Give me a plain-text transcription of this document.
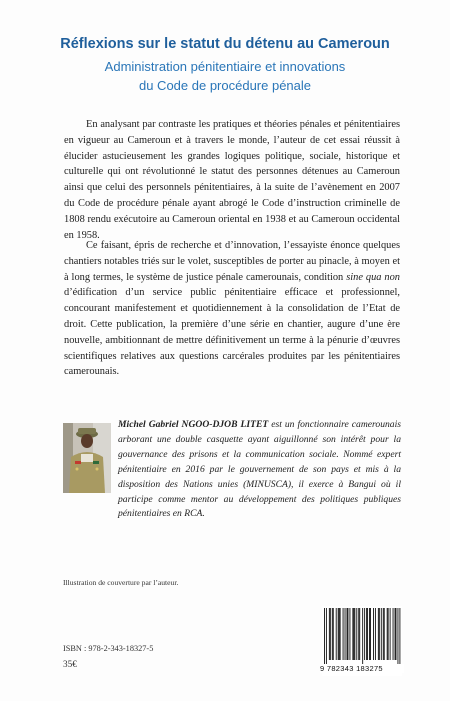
Réflexions sur le statut du détenu au Cameroun
Administration pénitentiaire et innovations
du Code de procédure pénale

En analysant par contraste les pratiques et théories pénales et pénitentiaires en vigueur au Cameroun et à travers le monde, l’auteur de cet essai réussit à élucider astucieusement les grandes logiques politique, sociale, historique et culturelle qui ont révolutionné le statut des personnes détenues au Cameroun ainsi que celui des personnels pénitentiaires, à la suite de l’avènement en 2007 du Code de procédure pénale ayant abrogé le Code d’instruction criminelle de 1808 rendu exécutoire au Cameroun oriental en 1938 et au Cameroun occidental en 1958.

Ce faisant, épris de recherche et d’innovation, l’essayiste énonce quelques chantiers notables triés sur le volet, susceptibles de porter au pinacle, à moyen et à long termes, le système de justice pénale camerounais, condition sine qua non d’édification d’un service public pénitentiaire efficace et professionnel, concourant manifestement et quotidiennement à la consolidation de l’Etat de droit. Cette publication, la première d’une série en chantier, augure d’une ère nouvelle, ambitionnant de mettre définitivement un terme à la pénurie d’œuvres scientifiques relatives aux questions carcérales produites par les pénitentiaires camerounais.

Michel Gabriel NGOO-DJOB LITET est un fonctionnaire camerounais arborant une double casquette ayant aiguillonné son intérêt pour la gouvernance des prisons et la communication sociale. Nommé expert pénitentiaire en 2016 par le gouvernement de son pays et mis à la disposition des Nations unies (MINUSCA), il exerce à Bangui où il participe comme mentor au développement des politiques publiques pénitentiaires en RCA.

Illustration de couverture par l’auteur.
ISBN : 978-2-343-18327-5
35€	9 782343 183275
